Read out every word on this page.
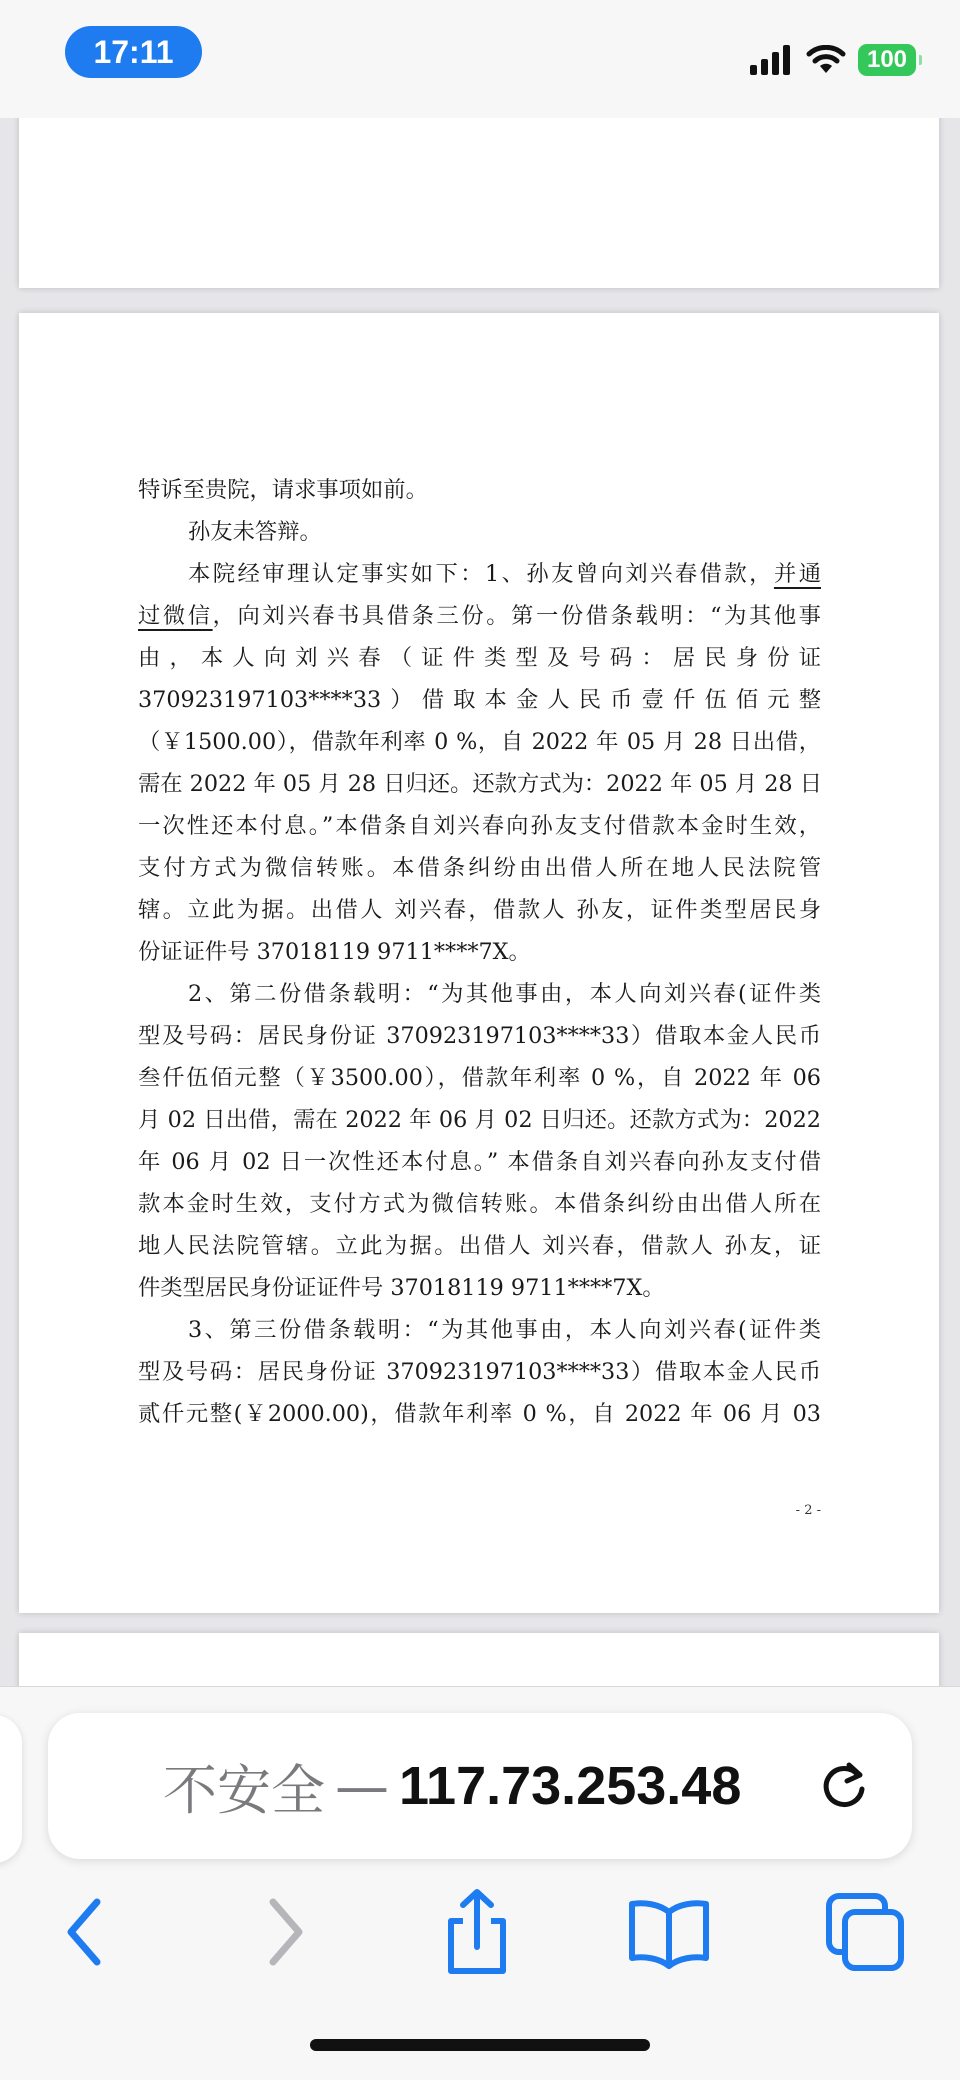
17:11	100
特诉至贵院，请求事项如前。
孙友未答辩。
本院经审理认定事实如下：1、孙友曾向刘兴春借款，并通
过微信，向刘兴春书具借条三份。第一份借条载明：“为其他事
由，本人向刘兴春（证件类型及号码：居民身份证
370923197103****33）借取本金人民币壹仟伍佰元整
（￥1500.00），借款年利率 0 %，自 2022 年 05 月 28 日出借，
需在 2022 年 05 月 28 日归还。还款方式为：2022 年 05 月 28 日
一次性还本付息。”本借条自刘兴春向孙友支付借款本金时生效，
支付方式为微信转账。本借条纠纷由出借人所在地人民法院管
辖。立此为据。出借人 刘兴春，借款人 孙友，证件类型居民身
份证证件号 37018119 9711****7X。
2、第二份借条载明：“为其他事由，本人向刘兴春(证件类
型及号码：居民身份证 370923197103****33）借取本金人民币
叁仟伍佰元整（￥3500.00），借款年利率 0 %，自 2022 年 06
月 02 日出借，需在 2022 年 06 月 02 日归还。还款方式为：2022
年 06 月 02 日一次性还本付息。” 本借条自刘兴春向孙友支付借
款本金时生效，支付方式为微信转账。本借条纠纷由出借人所在
地人民法院管辖。立此为据。出借人 刘兴春，借款人 孙友，证
件类型居民身份证证件号 37018119 9711****7X。
3、第三份借条载明：“为其他事由，本人向刘兴春(证件类
型及号码：居民身份证 370923197103****33）借取本金人民币
贰仟元整(￥2000.00)，借款年利率 0 %，自 2022 年 06 月 03
- 2 -
不安全 — 117.73.253.48
